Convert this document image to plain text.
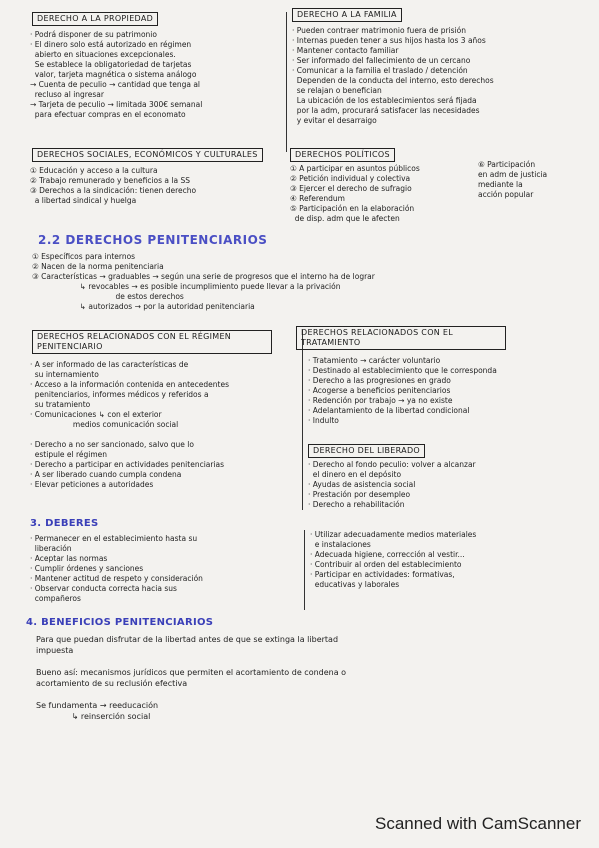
DERECHO A LA PROPIEDAD

· Podrá disponer de su patrimonio

· El dinero solo está autorizado en régimen

abierto en situaciones excepcionales.

Se establece la obligatoriedad de tarjetas

valor, tarjeta magnética o sistema análogo

→ Cuenta de peculio → cantidad que tenga al

recluso al ingresar

→ Tarjeta de peculio → limitada 300€ semanal

para efectuar compras en el economato

DERECHO A LA FAMILIA

· Pueden contraer matrimonio fuera de prisión

· Internas pueden tener a sus hijos hasta los 3 años

· Mantener contacto familiar

· Ser informado del fallecimiento de un cercano

· Comunicar a la familia el traslado / detención

Dependen de la conducta del interno, esto derechos

se relajan o benefician

La ubicación de los establecimientos será fijada

por la adm, procurará satisfacer las necesidades

y evitar el desarraigo

DERECHOS SOCIALES, ECONÓMICOS Y CULTURALES

① Educación y acceso a la cultura

② Trabajo remunerado y beneficios a la SS

③ Derechos a la sindicación: tienen derecho

a libertad sindical y huelga

DERECHOS POLÍTICOS

① A participar en asuntos públicos

② Petición individual y colectiva

③ Ejercer el derecho de sufragio

④ Referendum

⑤ Participación en la elaboración

de disp. adm que le afecten

⑥ Participación

en adm de justicia

mediante la

acción popular

2.2 DERECHOS PENITENCIARIOS

① Específicos para internos

② Nacen de la norma penitenciaria

③ Características → graduables → según una serie de progresos que el interno ha de lograr

↳ revocables → es posible incumplimiento puede llevar a la privación

de estos derechos

↳ autorizados → por la autoridad penitenciaria

DERECHOS RELACIONADOS CON EL RÉGIMEN PENITENCIARIO

· A ser informado de las características de

su internamiento

· Acceso a la información contenida en antecedentes

penitenciarios, informes médicos y referidos a

su tratamiento

· Comunicaciones ↳ con el exterior

medios comunicación social

· Derecho a no ser sancionado, salvo que lo

estipule el régimen

· Derecho a participar en actividades penitenciarias

· A ser liberado cuando cumpla condena

· Elevar peticiones a autoridades

DERECHOS RELACIONADOS CON EL TRATAMIENTO

· Tratamiento → carácter voluntario

· Destinado al establecimiento que le corresponda

· Derecho a las progresiones en grado

· Acogerse a beneficios penitenciarios

· Redención por trabajo → ya no existe

· Adelantamiento de la libertad condicional

· Indulto

DERECHO DEL LIBERADO

· Derecho al fondo peculio: volver a alcanzar

el dinero en el depósito

· Ayudas de asistencia social

· Prestación por desempleo

· Derecho a rehabilitación

3. DEBERES

· Permanecer en el establecimiento hasta su

liberación

· Aceptar las normas

· Cumplir órdenes y sanciones

· Mantener actitud de respeto y consideración

· Observar conducta correcta hacia sus

compañeros

· Utilizar adecuadamente medios materiales

e instalaciones

· Adecuada higiene, corrección al vestir...

· Contribuir al orden del establecimiento

· Participar en actividades: formativas,

educativas y laborales

4. BENEFICIOS PENITENCIARIOS

Para que puedan disfrutar de la libertad antes de que se extinga la libertad

impuesta

Bueno así: mecanismos jurídicos que permiten el acortamiento de condena o

acortamiento de su reclusión efectiva

Se fundamenta → reeducación

↳ reinserción social

Scanned with CamScanner
